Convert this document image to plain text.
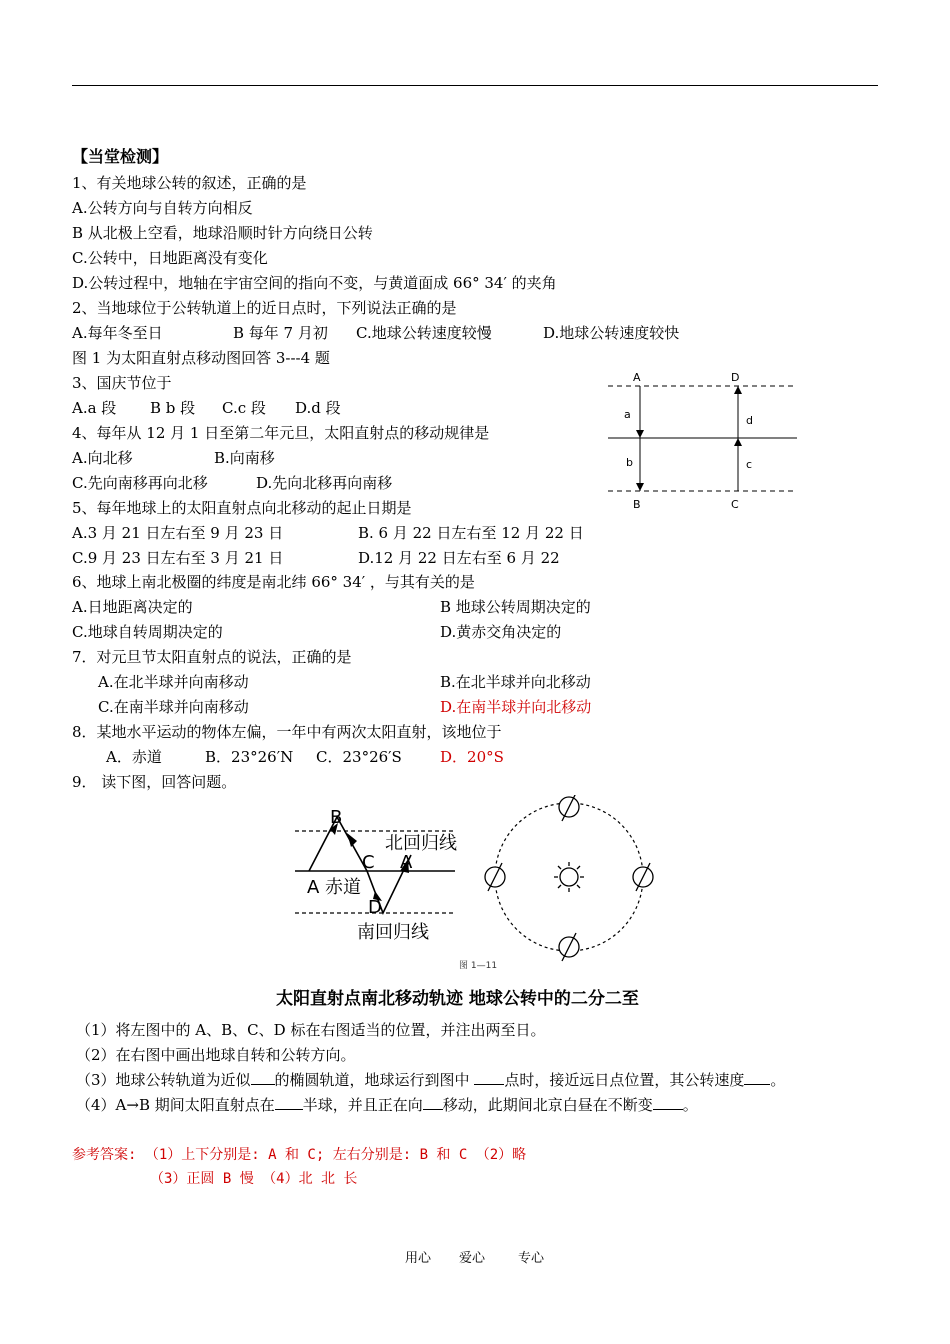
【当堂检测】
1、有关地球公转的叙述，正确的是
A.公转方向与自转方向相反
B 从北极上空看，地球沿顺时针方向绕日公转
C.公转中，日地距离没有变化
D.公转过程中，地轴在宇宙空间的指向不变，与黄道面成 66° 34′ 的夹角
2、当地球位于公转轨道上的近日点时，下列说法正确的是
A.每年冬至日	B 每年 7 月初 C.地球公转速度较慢	D.地球公转速度较快
图 1 为太阳直射点移动图回答 3---4 题
3、国庆节位于
A.a 段 B b 段 C.c 段 D.d 段
4、每年从 12 月 1 日至第二年元旦，太阳直射点的移动规律是
A.向北移	B.向南移
C.先向南移再向北移	D.先向北移再向南移
5、每年地球上的太阳直射点向北移动的起止日期是
A.3 月 21 日左右至 9 月 23 日	B. 6 月 22 日左右至 12 月 22 日
C.9 月 23 日左右至 3 月 21 日	D.12 月 22 日左右至 6 月 22
6、地球上南北极圈的纬度是南北纬 66° 34′ ，与其有关的是
A.日地距离决定的	B 地球公转周期决定的
C.地球自转周期决定的	D.黄赤交角决定的
7．对元旦节太阳直射点的说法，正确的是
A.在北半球并向南移动	B.在北半球并向北移动
C.在南半球并向南移动	D.在南半球并向北移动
8．某地水平运动的物体左偏，一年中有两次太阳直射，该地位于
A．赤道	B．23°26′N C．23°26′S	D．20°S
9． 读下图，回答问题。
A	D
B	C
a
b	c
d
B
C A
D
北回归线
A 赤道
南回归线
图 1—11
太阳直射点南北移动轨迹 地球公转中的二分二至
（1）将左图中的 A、B、C、D 标在右图适当的位置，并注出两至日。
（2）在右图中画出地球自转和公转方向。
（3）地球公转轨道为近似 的椭圆轨道，地球运行到图中 点时，接近远日点位置，其公转速度 。
（4）A→B 期间太阳直射点在 半球，并且正在向 移动，此期间北京白昼在不断变 。
参考答案: （1）上下分别是: A 和 C; 左右分别是: B 和 C （2）略
（3）正圆 B 慢 （4）北 北 长
用心 爱心	专心
